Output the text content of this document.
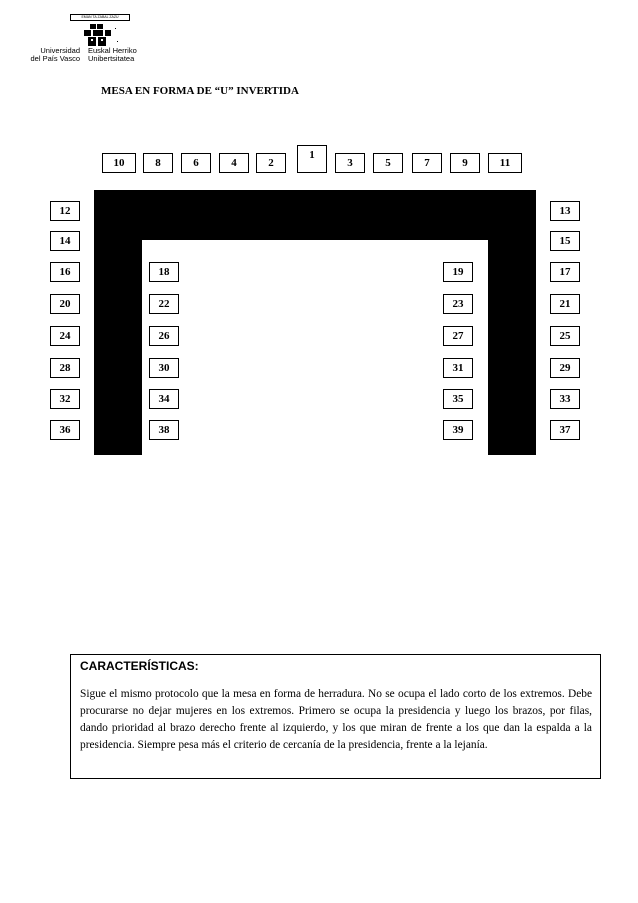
EMAN TA ZABAL ZAZU
Universidad
del País Vasco
Euskal Herriko
Unibertsitatea
MESA EN FORMA DE “U” INVERTIDA
10	8	6	4	2
1
3	5	7	9	11
12
14
16
20
24
28
32
36
13
15
17
21
25
29
33
37
18
22
26
30
34
38
19
23
27
31
35
39

CARACTERÍSTICAS:

Sigue el mismo protocolo que la mesa en forma de herradura. No se ocupa el lado corto de los extremos. Debe procurarse no dejar mujeres en los extremos. Primero se ocupa la presidencia y luego los brazos, por filas, dando prioridad al brazo derecho frente al izquierdo, y los que miran de frente a los que dan la espalda a la presidencia. Siempre pesa más el criterio de cercanía de la presidencia, frente a la lejanía.
